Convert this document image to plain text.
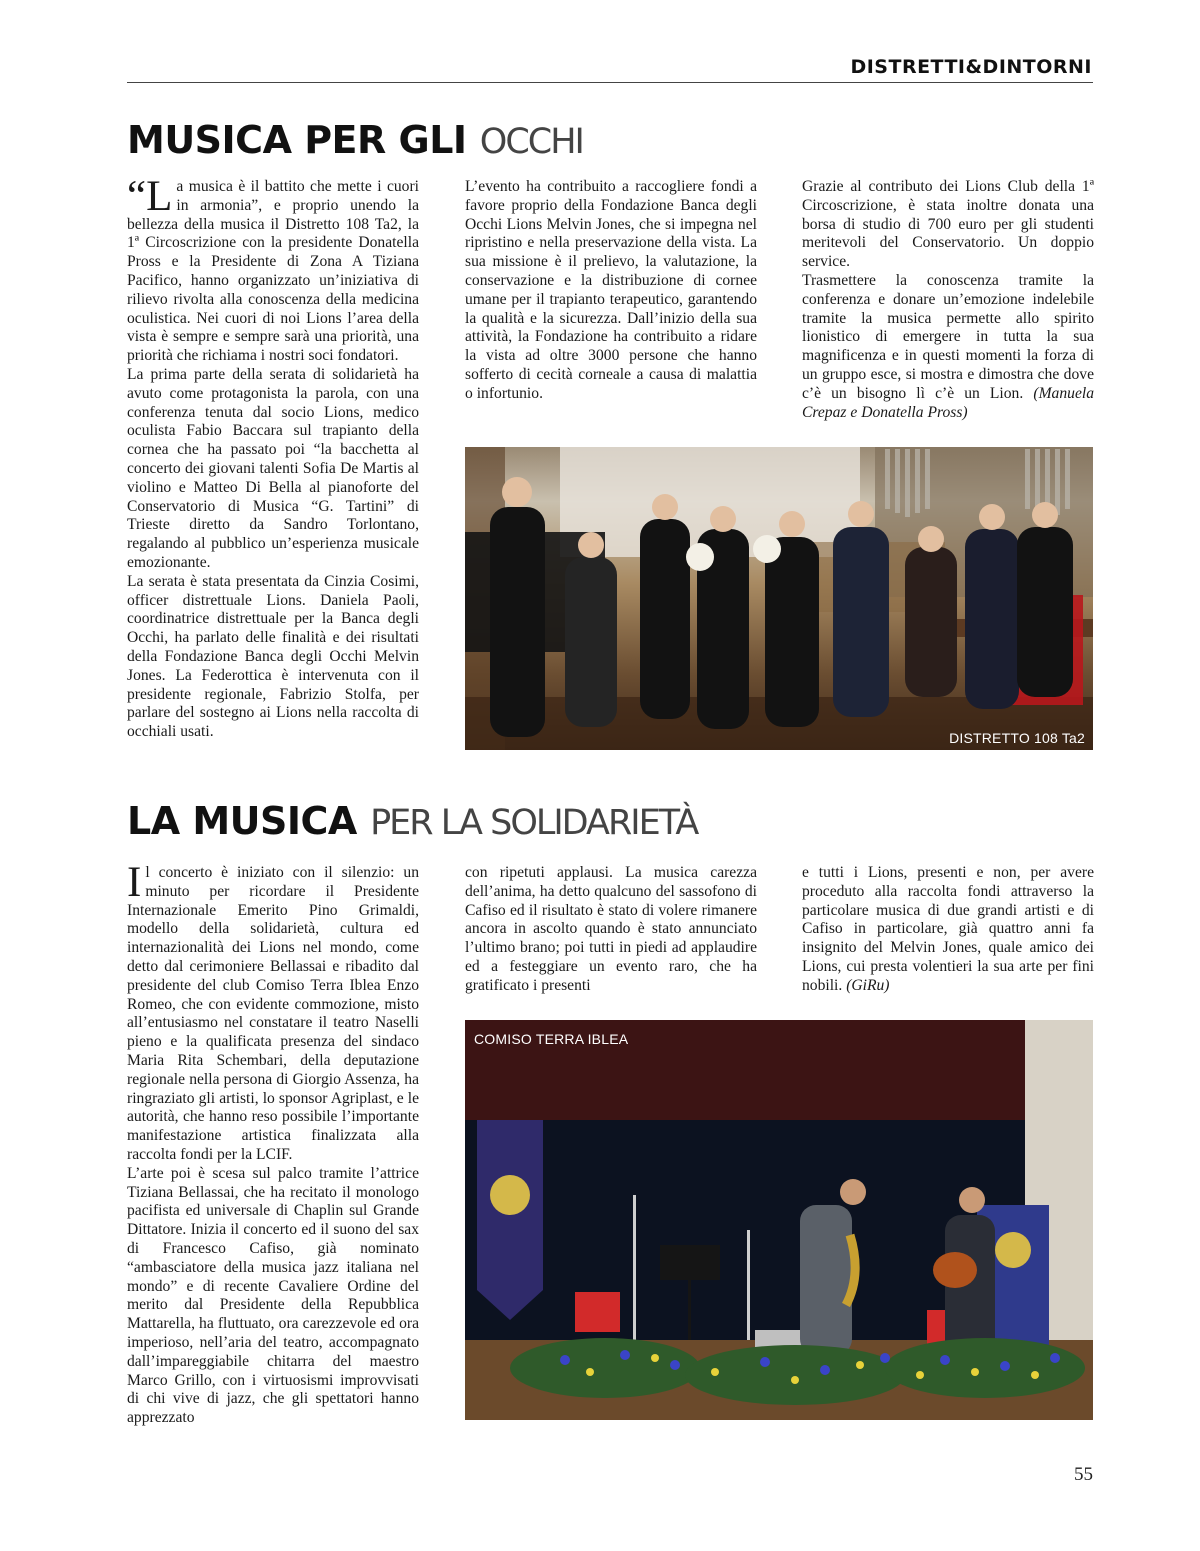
DISTRETTI&DINTORNI
MUSICA PER GLI OCCHI
“L a musica è il battito che mette i cuori in armonia”, e proprio unendo la bellezza della musica il Distretto 108 Ta2, la 1ª Circoscrizione con la presidente Donatella Pross e la Presidente di Zona A Tiziana Pacifico, hanno organizzato un’iniziativa di rilievo rivolta alla conoscenza della medicina oculistica. Nei cuori di noi Lions l’area della vista è sempre e sempre sarà una priorità, una priorità che richiama i nostri soci fondatori.

La prima parte della serata di solidarietà ha avuto come protagonista la parola, con una conferenza tenuta dal socio Lions, medico oculista Fabio Baccara sul trapianto della cornea che ha passato poi “la bacchetta al concerto dei giovani talenti Sofia De Martis al violino e Matteo Di Bella al pianoforte del Conservatorio di Musica “G. Tartini” di Trieste diretto da Sandro Torlontano, regalando al pubblico un’esperienza musicale emozionante.

La serata è stata presentata da Cinzia Cosimi, officer distrettuale Lions. Daniela Paoli, coordinatrice distrettuale per la Banca degli Occhi, ha parlato delle finalità e dei risultati della Fondazione Banca degli Occhi Melvin Jones. La Federottica è intervenuta con il presidente regionale, Fabrizio Stolfa, per parlare del sostegno ai Lions nella raccolta di occhiali usati.

L’evento ha contribuito a raccogliere fondi a favore proprio della Fondazione Banca degli Occhi Lions Melvin Jones, che si impegna nel ripristino e nella preservazione della vista. La sua missione è il prelievo, la valutazione, la conservazione e la distribuzione di cornee umane per il trapianto terapeutico, garantendo la qualità e la sicurezza. Dall’inizio della sua attività, la Fondazione ha contribuito a ridare la vista ad oltre 3000 persone che hanno sofferto di cecità corneale a causa di malattia o infortunio.

Grazie al contributo dei Lions Club della 1ª Circoscrizione, è stata inoltre donata una borsa di studio di 700 euro per gli studenti meritevoli del Conservatorio. Un doppio service.

Trasmettere la conoscenza tramite la conferenza e donare un’emozione indelebile tramite la musica permette allo spirito lionistico di emergere in tutta la sua magnificenza e in questi momenti la forza di un gruppo esce, si mostra e dimostra che dove c’è un bisogno lì c’è un Lion. (Manuela Crepaz e Donatella Pross)

DISTRETTO 108 Ta2
LA MUSICA PER LA SOLIDARIETÀ
I l concerto è iniziato con il silenzio: un minuto per ricordare il Presidente Internazionale Emerito Pino Grimaldi, modello della solidarietà, cultura ed internazionalità dei Lions nel mondo, come detto dal cerimoniere Bellassai e ribadito dal presidente del club Comiso Terra Iblea Enzo Romeo, che con evidente commozione, misto all’entusiasmo nel constatare il teatro Naselli pieno e la qualificata presenza del sindaco Maria Rita Schembari, della deputazione regionale nella persona di Giorgio Assenza, ha ringraziato gli artisti, lo sponsor Agriplast, e le autorità, che hanno reso possibile l’importante manifestazione artistica finalizzata alla raccolta fondi per la LCIF.

L’arte poi è scesa sul palco tramite l’attrice Tiziana Bellassai, che ha recitato il monologo pacifista ed universale di Chaplin sul Grande Dittatore. Inizia il concerto ed il suono del sax di Francesco Cafiso, già nominato “ambasciatore della musica jazz italiana nel mondo” e di recente Cavaliere Ordine del merito dal Presidente della Repubblica Mattarella, ha fluttuato, ora carezzevole ed ora imperioso, nell’aria del teatro, accompagnato dall’impareggiabile chitarra del maestro Marco Grillo, con i virtuosismi improvvisati di chi vive di jazz, che gli spettatori hanno apprezzato

con ripetuti applausi. La musica carezza dell’anima, ha detto qualcuno del sassofono di Cafiso ed il risultato è stato di volere rimanere ancora in ascolto quando è stato annunciato l’ultimo brano; poi tutti in piedi ad applaudire ed a festeggiare un evento raro, che ha gratificato i presenti

e tutti i Lions, presenti e non, per avere proceduto alla raccolta fondi attraverso la particolare musica di due grandi artisti e di Cafiso in particolare, già quattro anni fa insignito del Melvin Jones, quale amico dei Lions, cui presta volentieri la sua arte per fini nobili. (GiRu)

COMISO TERRA IBLEA
55
